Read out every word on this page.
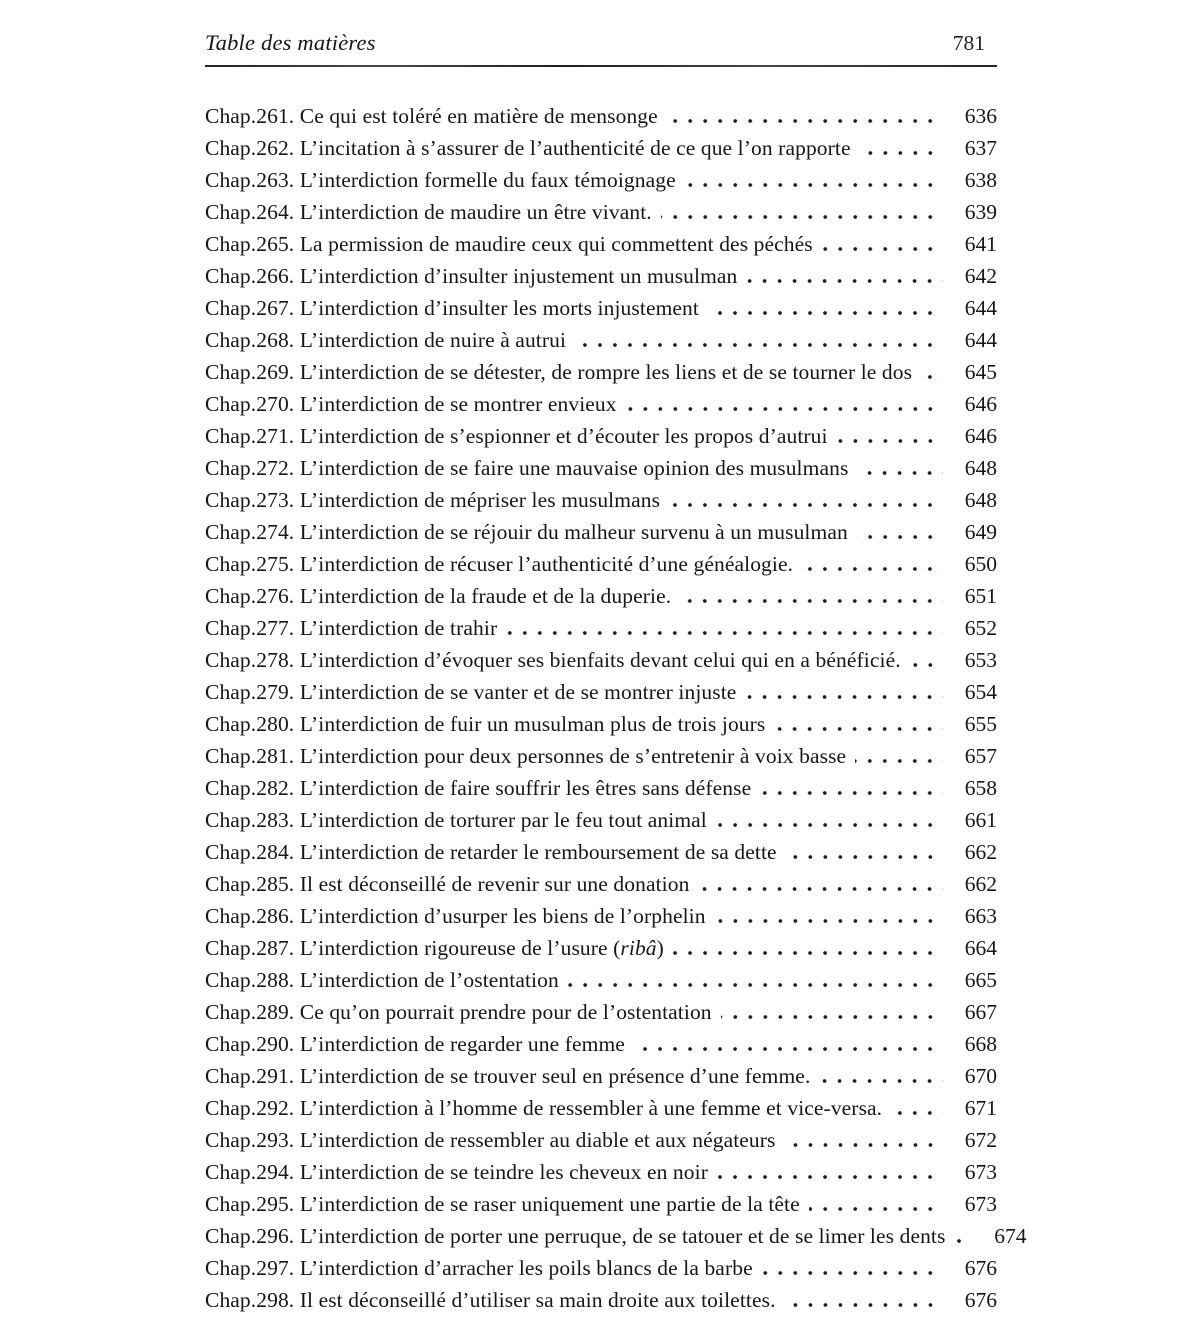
Table des matières	781
Chap.261. Ce qui est toléré en matière de mensonge	636
Chap.262. L’incitation à s’assurer de l’authenticité de ce que l’on rapporte	637
Chap.263. L’interdiction formelle du faux témoignage	638
Chap.264. L’interdiction de maudire un être vivant.	639
Chap.265. La permission de maudire ceux qui commettent des péchés	641
Chap.266. L’interdiction d’insulter injustement un musulman	642
Chap.267. L’interdiction d’insulter les morts injustement	644
Chap.268. L’interdiction de nuire à autrui	644
Chap.269. L’interdiction de se détester, de rompre les liens et de se tourner le dos	645
Chap.270. L’interdiction de se montrer envieux	646
Chap.271. L’interdiction de s’espionner et d’écouter les propos d’autrui	646
Chap.272. L’interdiction de se faire une mauvaise opinion des musulmans	648
Chap.273. L’interdiction de mépriser les musulmans	648
Chap.274. L’interdiction de se réjouir du malheur survenu à un musulman	649
Chap.275. L’interdiction de récuser l’authenticité d’une généalogie.	650
Chap.276. L’interdiction de la fraude et de la duperie.	651
Chap.277. L’interdiction de trahir	652
Chap.278. L’interdiction d’évoquer ses bienfaits devant celui qui en a bénéficié.	653
Chap.279. L’interdiction de se vanter et de se montrer injuste	654
Chap.280. L’interdiction de fuir un musulman plus de trois jours	655
Chap.281. L’interdiction pour deux personnes de s’entretenir à voix basse	657
Chap.282. L’interdiction de faire souffrir les êtres sans défense	658
Chap.283. L’interdiction de torturer par le feu tout animal	661
Chap.284. L’interdiction de retarder le remboursement de sa dette	662
Chap.285. Il est déconseillé de revenir sur une donation	662
Chap.286. L’interdiction d’usurper les biens de l’orphelin	663
Chap.287. L’interdiction rigoureuse de l’usure (ribâ)	664
Chap.288. L’interdiction de l’ostentation	665
Chap.289. Ce qu’on pourrait prendre pour de l’ostentation	667
Chap.290. L’interdiction de regarder une femme	668
Chap.291. L’interdiction de se trouver seul en présence d’une femme.	670
Chap.292. L’interdiction à l’homme de ressembler à une femme et vice-versa.	671
Chap.293. L’interdiction de ressembler au diable et aux négateurs	672
Chap.294. L’interdiction de se teindre les cheveux en noir	673
Chap.295. L’interdiction de se raser uniquement une partie de la tête	673
Chap.296. L’interdiction de porter une perruque, de se tatouer et de se limer les dents	674
Chap.297. L’interdiction d’arracher les poils blancs de la barbe	676
Chap.298. Il est déconseillé d’utiliser sa main droite aux toilettes.	676
